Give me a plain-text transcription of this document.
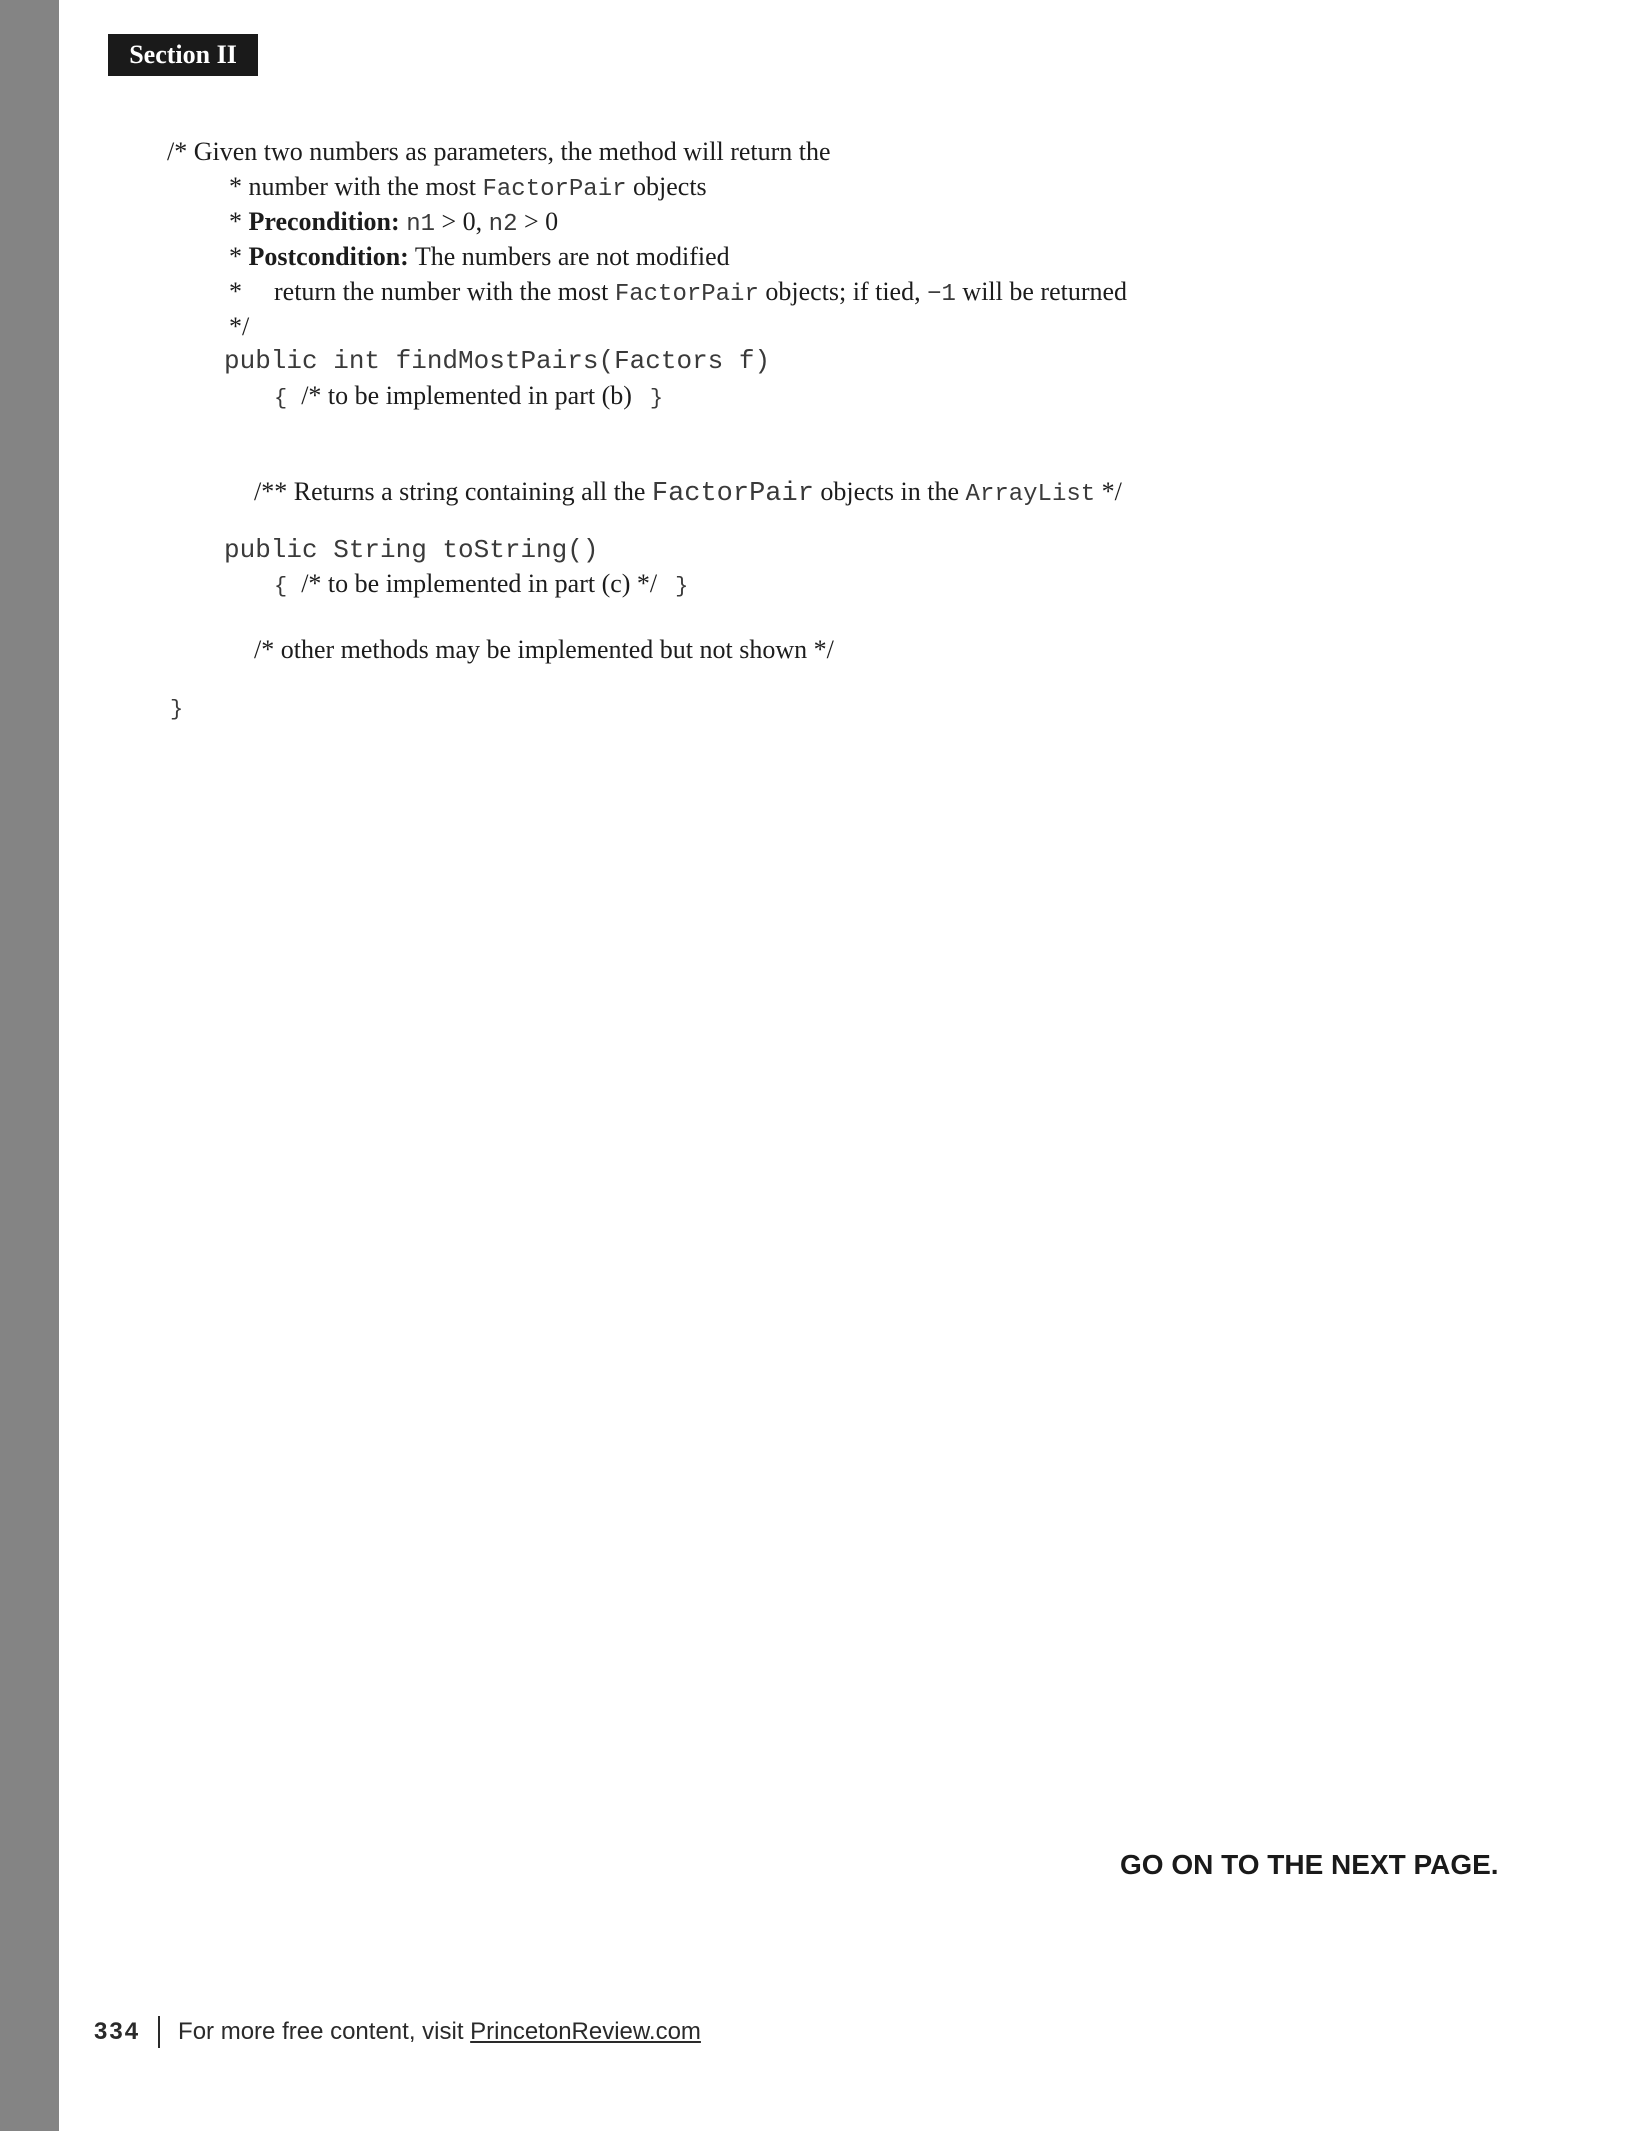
Section II
/* Given two numbers as parameters, the method will return the
* number with the most FactorPair objects
* Precondition: n1 > 0, n2 > 0
* Postcondition: The numbers are not modified
* return the number with the most FactorPair objects; if tied, −1 will be returned
*/
public int findMostPairs(Factors f)
{ /* to be implemented in part (b) }
/** Returns a string containing all the FactorPair objects in the ArrayList */
public String toString()
{ /* to be implemented in part (c) */ }
/* other methods may be implemented but not shown */
}
GO ON TO THE NEXT PAGE.
334 For more free content, visit PrincetonReview.com
